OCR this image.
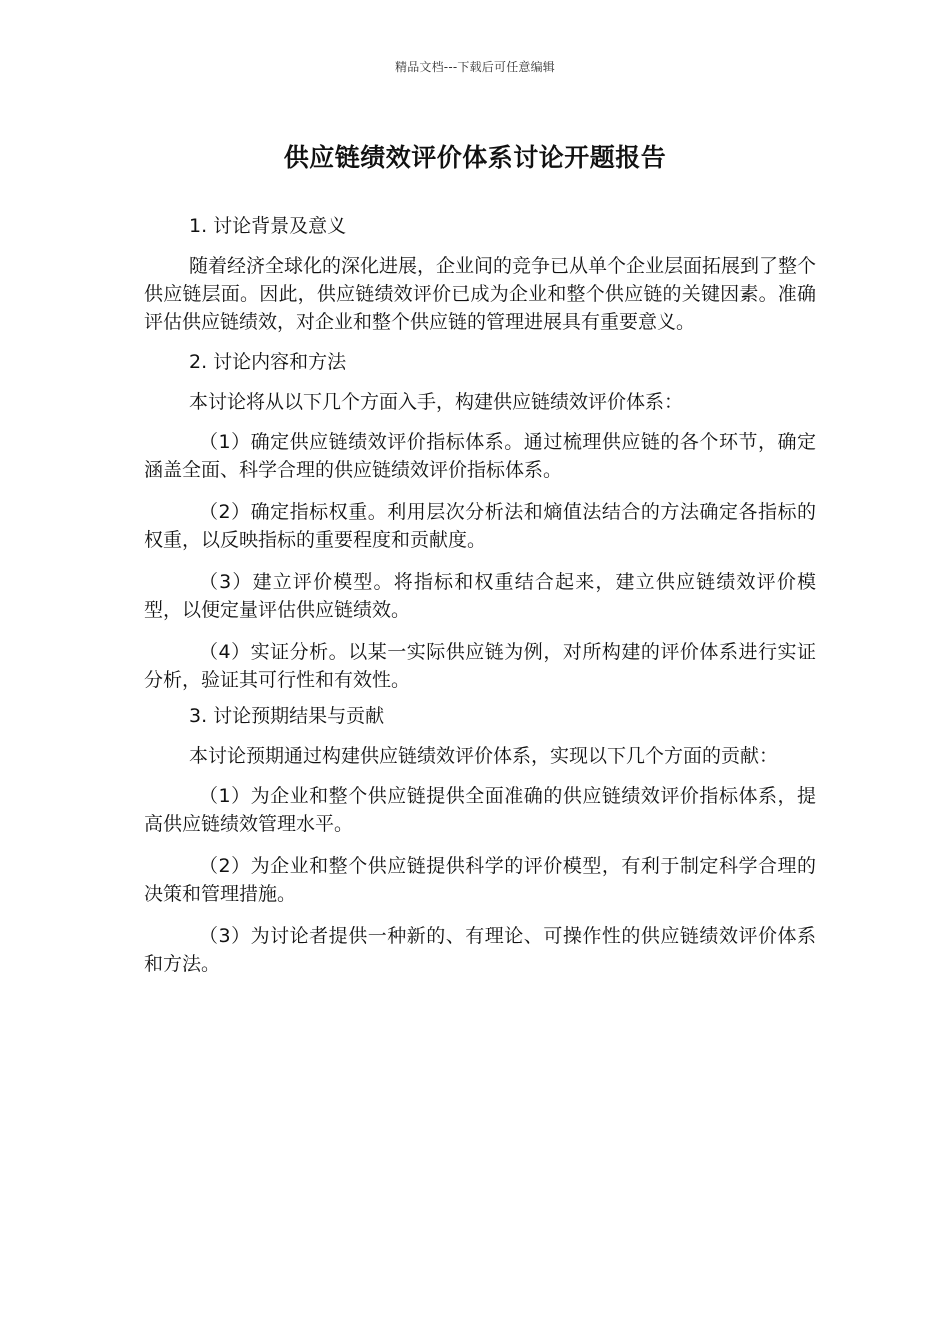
精品文档---下载后可任意编辑
供应链绩效评价体系讨论开题报告
1. 讨论背景及意义

随着经济全球化的深化进展，企业间的竞争已从单个企业层面拓展到了整个供应链层面。因此，供应链绩效评价已成为企业和整个供应链的关键因素。准确评估供应链绩效，对企业和整个供应链的管理进展具有重要意义。

2. 讨论内容和方法

本讨论将从以下几个方面入手，构建供应链绩效评价体系：

（1）确定供应链绩效评价指标体系。通过梳理供应链的各个环节，确定涵盖全面、科学合理的供应链绩效评价指标体系。

（2）确定指标权重。利用层次分析法和熵值法结合的方法确定各指标的权重，以反映指标的重要程度和贡献度。

（3）建立评价模型。将指标和权重结合起来，建立供应链绩效评价模型，以便定量评估供应链绩效。

（4）实证分析。以某一实际供应链为例，对所构建的评价体系进行实证分析，验证其可行性和有效性。

3. 讨论预期结果与贡献

本讨论预期通过构建供应链绩效评价体系，实现以下几个方面的贡献：

（1）为企业和整个供应链提供全面准确的供应链绩效评价指标体系，提高供应链绩效管理水平。

（2）为企业和整个供应链提供科学的评价模型，有利于制定科学合理的决策和管理措施。

（3）为讨论者提供一种新的、有理论、可操作性的供应链绩效评价体系和方法。
